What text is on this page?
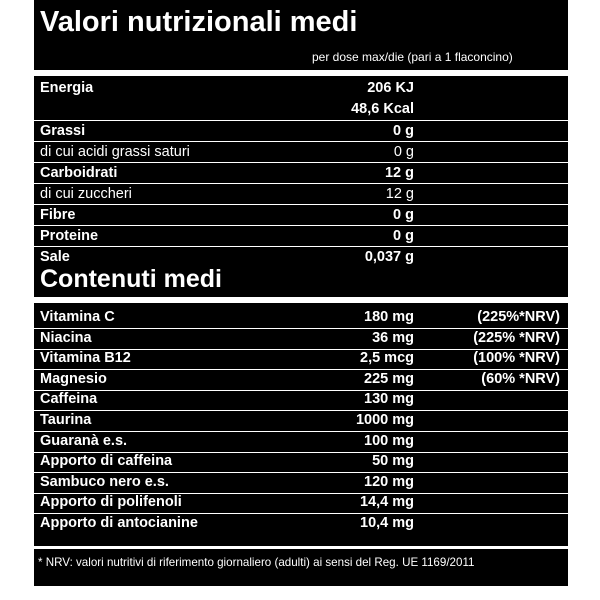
Valori nutrizionali medi
per dose max/die (pari a 1 flaconcino)
Energia	206 KJ
48,6 Kcal
Grassi	0 g
di cui acidi grassi saturi	0 g
Carboidrati	12 g
di cui zuccheri	12 g
Fibre	0 g
Proteine	0 g
Sale	0,037 g
Contenuti medi
Vitamina C	180 mg	(225%*NRV)
Niacina	36 mg	(225% *NRV)
Vitamina B12	2,5 mcg	(100% *NRV)
Magnesio	225 mg	(60% *NRV)
Caffeina	130 mg
Taurina	1000 mg
Guaranà e.s.	100 mg
Apporto di caffeina	50 mg
Sambuco nero e.s.	120 mg
Apporto di polifenoli	14,4 mg
Apporto di antocianine	10,4 mg
* NRV: valori nutritivi di riferimento giornaliero (adulti) ai sensi del Reg. UE 1169/2011
